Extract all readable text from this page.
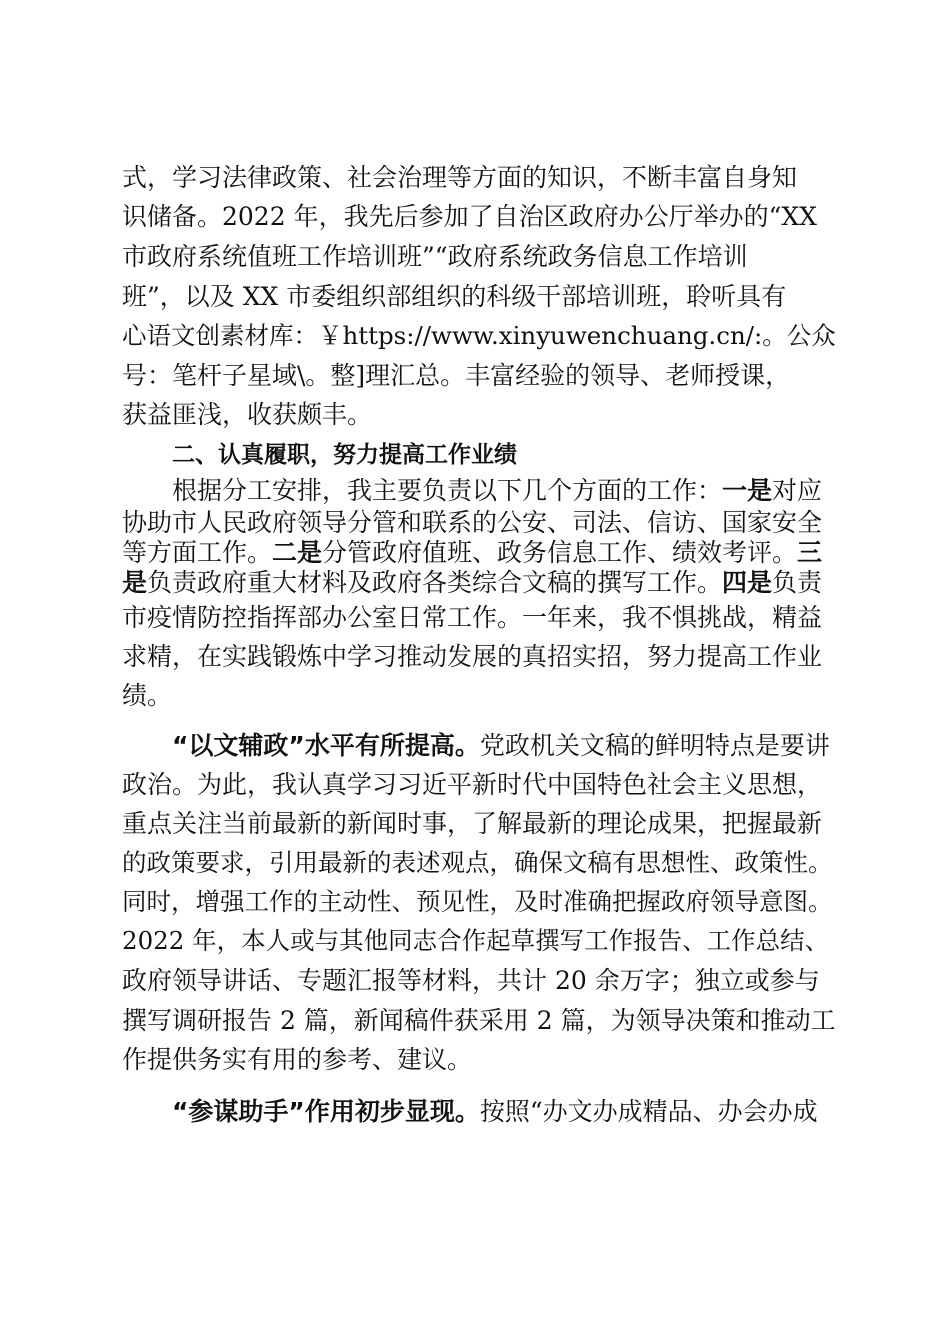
式，学习法律政策、社会治理等方面的知识，不断丰富自身知
识储备。2022 年，我先后参加了自治区政府办公厅举办的“XX
市政府系统值班工作培训班”“政府系统政务信息工作培训
班”，以及 XX 市委组织部组织的科级干部培训班，聆听具有
心语文创素材库：￥https://www.xinyuwenchuang.cn/:。公众
号：笔杆子星域\。整]理汇总。丰富经验的领导、老师授课，
获益匪浅，收获颇丰。
二、认真履职，努力提高工作业绩
根据分工安排，我主要负责以下几个方面的工作：一是对应
协助市人民政府领导分管和联系的公安、司法、信访、国家安全
等方面工作。二是分管政府值班、政务信息工作、绩效考评。三
是负责政府重大材料及政府各类综合文稿的撰写工作。四是负责
市疫情防控指挥部办公室日常工作。一年来，我不惧挑战，精益
求精，在实践锻炼中学习推动发展的真招实招，努力提高工作业
绩。
“以文辅政”水平有所提高。党政机关文稿的鲜明特点是要讲
政治。为此，我认真学习习近平新时代中国特色社会主义思想，
重点关注当前最新的新闻时事，了解最新的理论成果，把握最新
的政策要求，引用最新的表述观点，确保文稿有思想性、政策性。
同时，增强工作的主动性、预见性，及时准确把握政府领导意图。
2022 年，本人或与其他同志合作起草撰写工作报告、工作总结、
政府领导讲话、专题汇报等材料，共计 20 余万字；独立或参与
撰写调研报告 2 篇，新闻稿件获采用 2 篇，为领导决策和推动工
作提供务实有用的参考、建议。
“参谋助手”作用初步显现。按照“办文办成精品、办会办成
